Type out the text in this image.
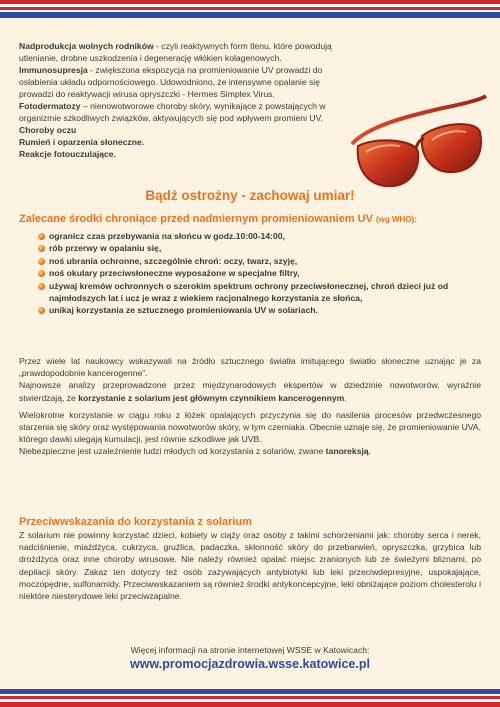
Nadprodukcja wolnych rodników - czyli reaktywnych form tlenu, które powodują utlenianie, drobne uszkodzenia i degenerację włókien kolagenowych.

Immunosupresja - zwiększona ekspozycja na promieniowanie UV prowadzi do osłabienia układu odpornościowego. Udowodniono, że intensywne opalanie się prowadzi do reaktywacji wirusa opryszczki - Hermes Simplex Virus.

Fotodermatozy – nienowotworowe choroby skóry, wynikające z powstających w organizmie szkodliwych związków, aktywujących się pod wpływem promieni UV.

Choroby oczu

Rumień i oparzenia słoneczne.

Reakcje fotouczulające.

Bądź ostrożny - zachowaj umiar!
Zalecane środki chroniące przed nadmiernym promieniowaniem UV (wg WHO):
ogranicz czas przebywania na słońcu w godz.10:00-14:00,
rób przerwy w opalaniu się,
noś ubrania ochronne, szczególnie chroń: oczy, twarz, szyję,
noś okulary przeciwsłoneczne wyposażone w specjalne filtry,
używaj kremów ochronnych o szerokim spektrum ochrony przeciwsłonecznej, chroń dzieci już od najmłodszych lat i ucz je wraz z wiekiem racjonalnego korzystania ze słońca,
unikaj korzystania ze sztucznego promieniowania UV w solariach.

Przez wiele lat naukowcy wskazywali na źródło sztucznego światła imitującego światło słoneczne uznając je za „prawdopodobnie kancerogenne”.

Najnowsze analizy przeprowadzone przez międzynarodowych ekspertów w dziedzinie nowotworów, wyraźnie stwierdzają, że korzystanie z solarium jest głównym czynnikiem kancerogennym.

Wielokrotne korzystanie w ciągu roku z łóżek opalających przyczynia się do nasilenia procesów przedwczesnego starzenia się skóry oraz występowania nowotworów skóry, w tym czerniaka. Obecnie uznaje się, że promieniowanie UVA, którego dawki ulegają kumulacji, jest równie szkodliwe jak UVB.

Niebezpieczne jest uzależnienie ludzi młodych od korzystania z solariów, zwane tanoreksją.

Przeciwwskazania do korzystania z solarium

Z solarium nie powinny korzystać dzieci, kobiety w ciąży oraz osoby z takimi schorzeniami jak: choroby serca i nerek, nadciśnienie, miażdżyca, cukrzyca, gruźlica, padaczka, skłonność skóry do przebarwień, opryszczka, grzybica lub drożdżyca oraz inne choroby wirusowe. Nie należy również opalać miejsc zranionych lub ze świeżymi bliznami, po depilacji skóry. Zakaz ten dotyczy też osób zażywających antybiotyki lub leki przeciwdepresyjne, uspokajające, moczopędne, sulfonamidy. Przeciwwskazaniem są również środki antykoncepcyjne, leki obniżające poziom cholesterolu i niektóre niesterydowe leki przeciwzapalne.

Więcej informacji na stronie internetowej WSSE w Katowicach:
www.promocjazdrowia.wsse.katowice.pl
